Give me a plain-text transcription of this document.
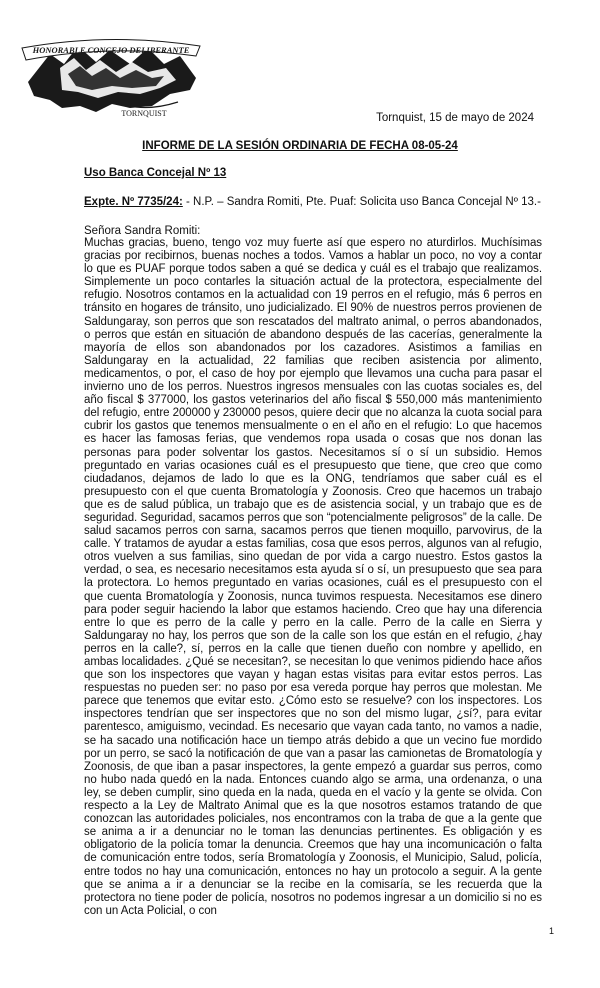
HONORABLE CONCEJO DELIBERANTE
TORNQUIST	Tornquist, 15 de mayo de 2024
INFORME DE LA SESIÓN ORDINARIA DE FECHA 08-05-24
Uso Banca Concejal Nº 13
Expte. Nº 7735/24: - N.P. – Sandra Romiti, Pte. Puaf: Solicita uso Banca Concejal Nº 13.-
Señora Sandra Romiti:

Muchas gracias, bueno, tengo voz muy fuerte así que espero no aturdirlos. Muchísimas gracias por recibirnos, buenas noches a todos. Vamos a hablar un poco, no voy a contar lo que es PUAF porque todos saben a qué se dedica y cuál es el trabajo que realizamos. Simplemente un poco contarles la situación actual de la protectora, especialmente del refugio. Nosotros contamos en la actualidad con 19 perros en el refugio, más 6 perros en tránsito en hogares de tránsito, uno judicializado. El 90% de nuestros perros provienen de Saldungaray, son perros que son rescatados del maltrato animal, o perros abandonados, o perros que están en situación de abandono después de las cacerías, generalmente la mayoría de ellos son abandonados por los cazadores. Asistimos a familias en Saldungaray en la actualidad, 22 familias que reciben asistencia por alimento, medicamentos, o por, el caso de hoy por ejemplo que llevamos una cucha para pasar el invierno uno de los perros. Nuestros ingresos mensuales con las cuotas sociales es, del año fiscal $ 377000, los gastos veterinarios del año fiscal $ 550,000 más mantenimiento del refugio, entre 200000 y 230000 pesos, quiere decir que no alcanza la cuota social para cubrir los gastos que tenemos mensualmente o en el año en el refugio: Lo que hacemos es hacer las famosas ferias, que vendemos ropa usada o cosas que nos donan las personas para poder solventar los gastos. Necesitamos sí o sí un subsidio. Hemos preguntado en varias ocasiones cuál es el presupuesto que tiene, que creo que como ciudadanos, dejamos de lado lo que es la ONG, tendríamos que saber cuál es el presupuesto con el que cuenta Bromatología y Zoonosis. Creo que hacemos un trabajo que es de salud pública, un trabajo que es de asistencia social, y un trabajo que es de seguridad. Seguridad, sacamos perros que son “potencialmente peligrosos” de la calle. De salud sacamos perros con sarna, sacamos perros que tienen moquillo, parvovirus, de la calle. Y tratamos de ayudar a estas familias, cosa que esos perros, algunos van al refugio, otros vuelven a sus familias, sino quedan de por vida a cargo nuestro. Estos gastos la verdad, o sea, es necesario necesitamos esta ayuda sí o sí, un presupuesto que sea para la protectora. Lo hemos preguntado en varias ocasiones, cuál es el presupuesto con el que cuenta Bromatología y Zoonosis, nunca tuvimos respuesta. Necesitamos ese dinero para poder seguir haciendo la labor que estamos haciendo. Creo que hay una diferencia entre lo que es perro de la calle y perro en la calle. Perro de la calle en Sierra y Saldungaray no hay, los perros que son de la calle son los que están en el refugio, ¿hay perros en la calle?, sí, perros en la calle que tienen dueño con nombre y apellido, en ambas localidades. ¿Qué se necesitan?, se necesitan lo que venimos pidiendo hace años que son los inspectores que vayan y hagan estas visitas para evitar estos perros. Las respuestas no pueden ser: no paso por esa vereda porque hay perros que molestan. Me parece que tenemos que evitar esto. ¿Cómo esto se resuelve? con los inspectores. Los inspectores tendrían que ser inspectores que no son del mismo lugar, ¿sí?, para evitar parentesco, amiguismo, vecindad. Es necesario que vayan cada tanto, no vamos a nadie, se ha sacado una notificación hace un tiempo atrás debido a que un vecino fue mordido por un perro, se sacó la notificación de que van a pasar las camionetas de Bromatología y Zoonosis, de que iban a pasar inspectores, la gente empezó a guardar sus perros, como no hubo nada quedó en la nada. Entonces cuando algo se arma, una ordenanza, o una ley, se deben cumplir, sino queda en la nada, queda en el vacío y la gente se olvida. Con respecto a la Ley de Maltrato Animal que es la que nosotros estamos tratando de que conozcan las autoridades policiales, nos encontramos con la traba de que a la gente que se anima a ir a denunciar no le toman las denuncias pertinentes. Es obligación y es obligatorio de la policía tomar la denuncia. Creemos que hay una incomunicación o falta de comunicación entre todos, sería Bromatología y Zoonosis, el Municipio, Salud, policía, entre todos no hay una comunicación, entonces no hay un protocolo a seguir. A la gente que se anima a ir a denunciar se la recibe en la comisaría, se les recuerda que la protectora no tiene poder de policía, nosotros no podemos ingresar a un domicilio si no es con un Acta Policial, o con

1
